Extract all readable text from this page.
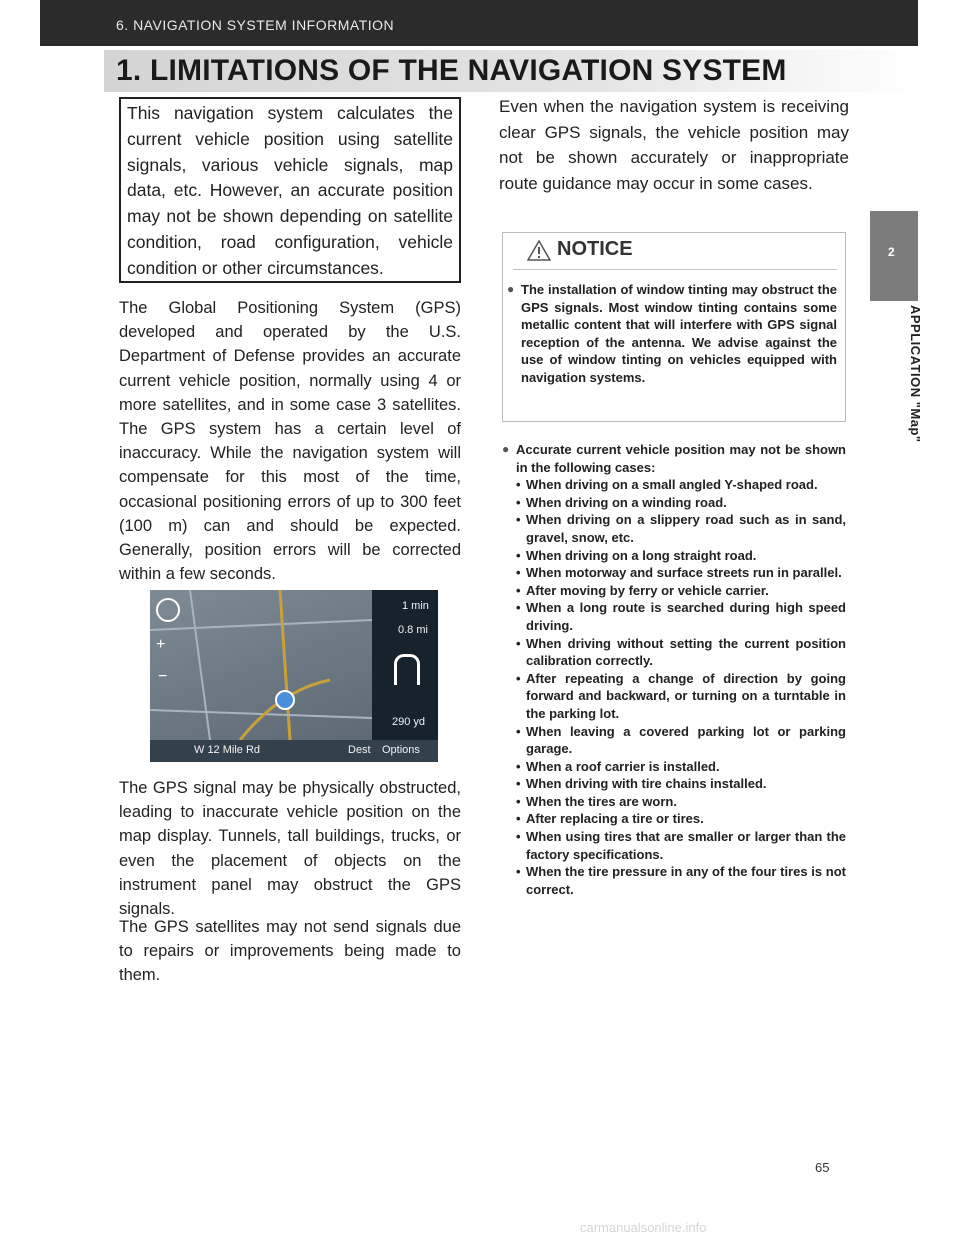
6. NAVIGATION SYSTEM INFORMATION
1. LIMITATIONS OF THE NAVIGATION SYSTEM
2
APPLICATION "Map"

This navigation system calculates the current vehicle position using satellite signals, various vehicle signals, map data, etc. However, an accurate position may not be shown depending on satellite condition, road configuration, vehicle condition or other circumstances.

The Global Positioning System (GPS) developed and operated by the U.S. Department of Defense provides an accurate current vehicle position, normally using 4 or more satellites, and in some case 3 satellites. The GPS system has a certain level of inaccuracy. While the navigation system will compensate for this most of the time, occasional positioning errors of up to 300 feet (100 m) can and should be expected. Generally, position errors will be corrected within a few seconds.

+
−
1 min
0.8 mi
290 yd
W 12 Mile Rd	Dest Options

The GPS signal may be physically obstructed, leading to inaccurate vehicle position on the map display. Tunnels, tall buildings, trucks, or even the placement of objects on the instrument panel may obstruct the GPS signals.

The GPS satellites may not send signals due to repairs or improvements being made to them.

Even when the navigation system is receiving clear GPS signals, the vehicle position may not be shown accurately or inappropriate route guidance may occur in some cases.

NOTICE
● The installation of window tinting may obstruct the GPS signals. Most window tinting contains some metallic content that will interfere with GPS signal reception of the antenna. We advise against the use of window tinting on vehicles equipped with navigation systems.
● Accurate current vehicle position may not be shown in the following cases:
• When driving on a small angled Y-shaped road.
• When driving on a winding road.
• When driving on a slippery road such as in sand, gravel, snow, etc.
• When driving on a long straight road.
• When motorway and surface streets run in parallel.
• After moving by ferry or vehicle carrier.
• When a long route is searched during high speed driving.
• When driving without setting the current position calibration correctly.
• After repeating a change of direction by going forward and backward, or turning on a turntable in the parking lot.
• When leaving a covered parking lot or parking garage.
• When a roof carrier is installed.
• When driving with tire chains installed.
• When the tires are worn.
• After replacing a tire or tires.
• When using tires that are smaller or larger than the factory specifications.
• When the tire pressure in any of the four tires is not correct.
65
carmanualsonline.info
